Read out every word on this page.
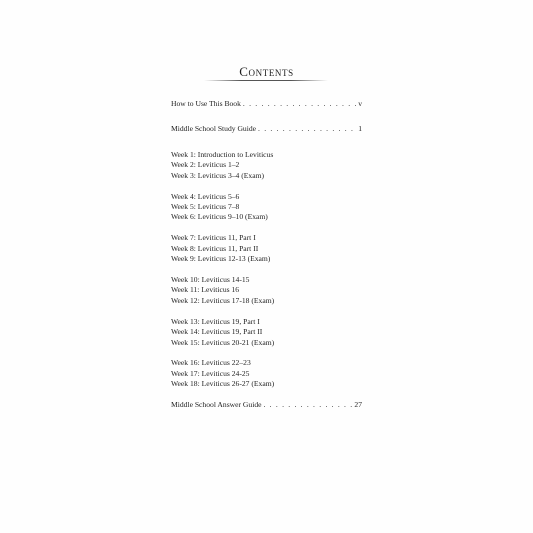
Contents
How to Use This Book . . .	v
Middle School Study Guide . . .	1
Week 1: Introduction to Leviticus
Week 2: Leviticus 1–2
Week 3: Leviticus 3–4 (Exam)
Week 4: Leviticus 5–6
Week 5: Leviticus 7–8
Week 6: Leviticus 9–10 (Exam)
Week 7: Leviticus 11, Part I
Week 8: Leviticus 11, Part II
Week 9: Leviticus 12-13 (Exam)
Week 10: Leviticus 14-15
Week 11: Leviticus 16
Week 12: Leviticus 17-18 (Exam)
Week 13: Leviticus 19, Part I
Week 14: Leviticus 19, Part II
Week 15: Leviticus 20-21 (Exam)
Week 16: Leviticus 22–23
Week 17: Leviticus 24-25
Week 18: Leviticus 26-27 (Exam)
Middle School Answer Guide . . .	27
